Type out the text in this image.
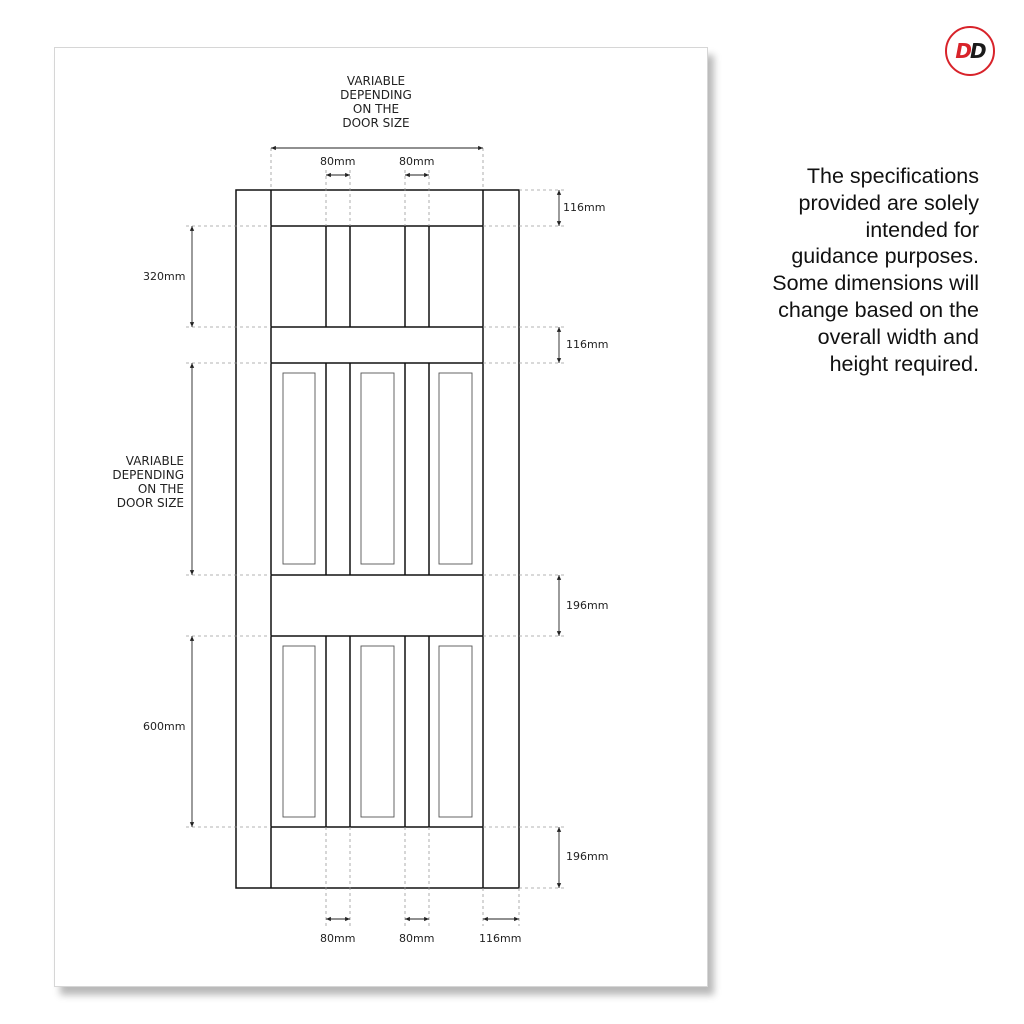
VARIABLE
DEPENDING
ON THE
DOOR SIZE
80mm	80mm
116mm
116mm
196mm
196mm
320mm
VARIABLE
DEPENDING
ON THE
DOOR SIZE
600mm
80mm	80mm	116mm
The specifications
provided are solely
intended for
guidance purposes.
Some dimensions will
change based on the
overall width and
height required.
DD
